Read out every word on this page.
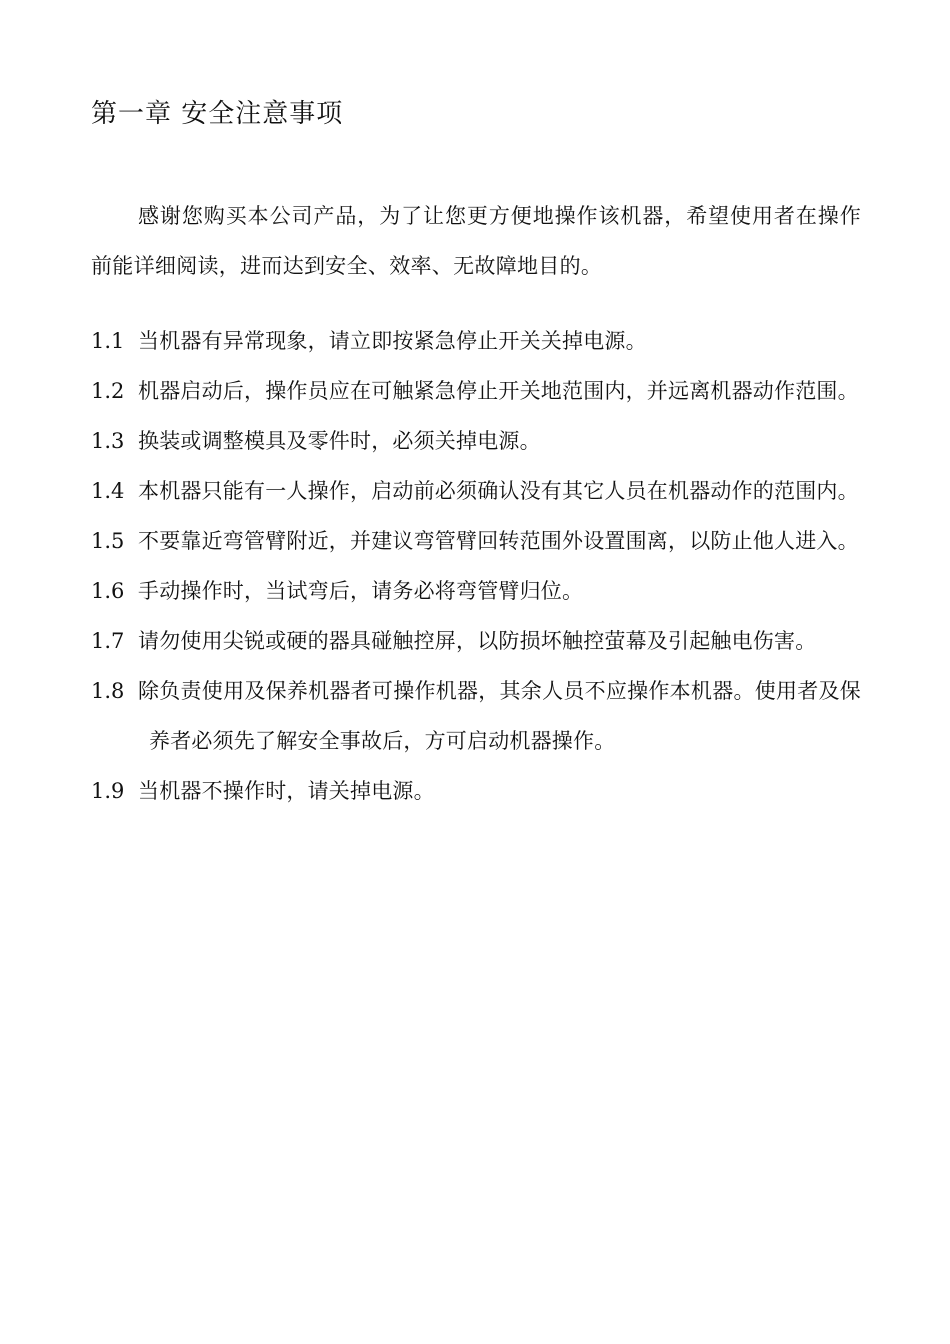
第一章 安全注意事项

感谢您购买本公司产品，为了让您更方便地操作该机器，希望使用者在操作前能详细阅读，进而达到安全、效率、无故障地目的。

1.1 当机器有异常现象，请立即按紧急停止开关关掉电源。
1.2 机器启动后，操作员应在可触紧急停止开关地范围内，并远离机器动作范围。
1.3 换装或调整模具及零件时，必须关掉电源。
1.4 本机器只能有一人操作，启动前必须确认没有其它人员在机器动作的范围内。
1.5 不要靠近弯管臂附近，并建议弯管臂回转范围外设置围离，以防止他人进入。
1.6 手动操作时，当试弯后，请务必将弯管臂归位。
1.7 请勿使用尖锐或硬的器具碰触控屏，以防损坏触控萤幕及引起触电伤害。
1.8 除负责使用及保养机器者可操作机器，其余人员不应操作本机器。使用者及保养者必须先了解安全事故后，方可启动机器操作。
1.9 当机器不操作时，请关掉电源。
